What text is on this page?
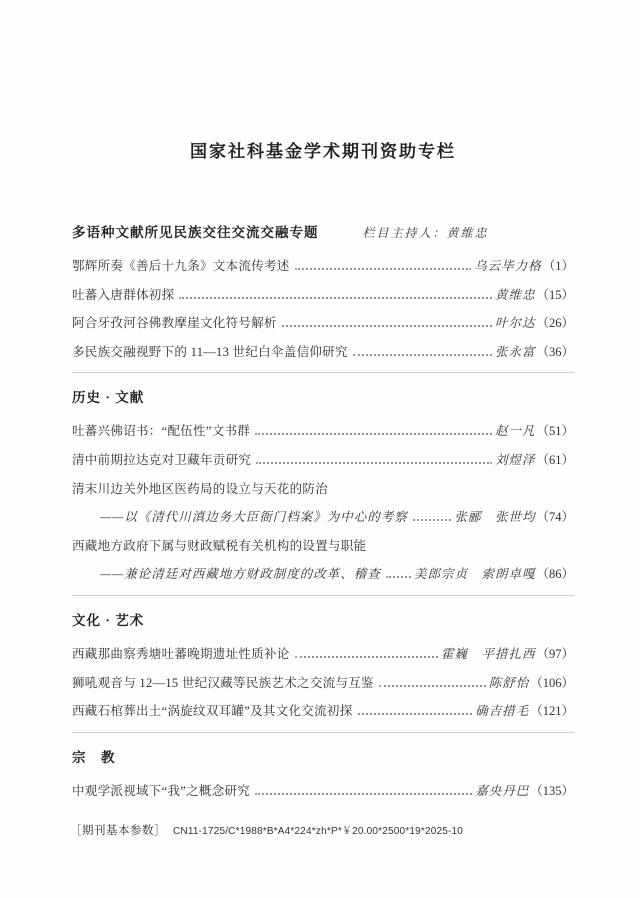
国家社科基金学术期刊资助专栏
多语种文献所见民族交往交流交融专题	栏目主持人：黄维忠
鄂辉所奏《善后十九条》文本流传考述	乌云毕力格 （1）
吐蕃入唐群体初探	黄维忠 （15）
阿合牙孜河谷佛教摩崖文化符号解析	叶尔达 （26）
多民族交融视野下的 11—13 世纪白伞盖信仰研究	张永富 （36）
历史 · 文献
吐蕃兴佛诏书：“配伍性”文书群	赵一凡 （51）
清中前期拉达克对卫藏年贡研究	刘煜泽 （61）
清末川边关外地区医药局的设立与天花的防治
——以《清代川滇边务大臣衙门档案》为中心的考察	张郦　张世均 （74）
西藏地方政府下属与财政赋税有关机构的设置与职能
——兼论清廷对西藏地方财政制度的改革、稽查	美郎宗贞　索朗卓嘎 （86）
文化 · 艺术
西藏那曲察秀塘吐蕃晚期遗址性质补论	霍巍　平措扎西 （97）
狮吼观音与 12—15 世纪汉藏等民族艺术之交流与互鉴	陈舒怡 （106）
西藏石棺葬出土“涡旋纹双耳罐”及其文化交流初探	确吉措毛 （121）
宗　教
中观学派视域下“我”之概念研究	嘉央丹巴 （135）
［期刊基本参数］ CN11-1725/C*1988*B*A4*224*zh*P*￥20.00*2500*19*2025-10
